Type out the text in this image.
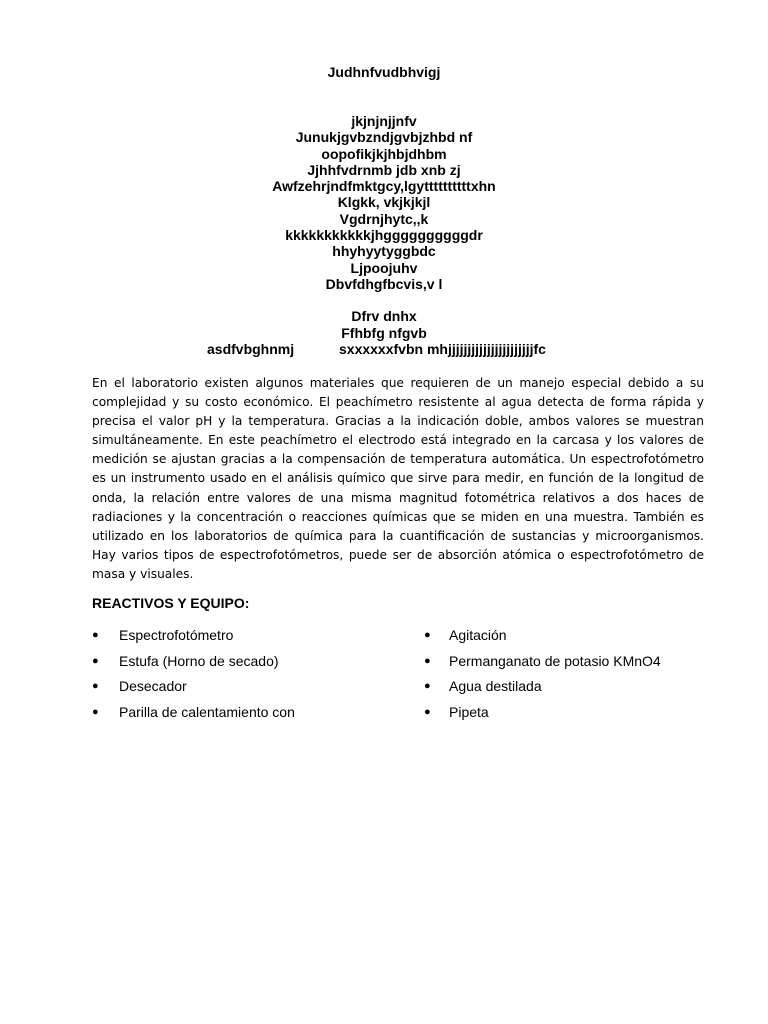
Judhnfvudbhvigj
jkjnjnjjnfv
Junukjgvbzndjgvbjzhbd nf
oopofikjkjhbjdhbm
Jjhhfvdrnmb jdb xnb zj
Awfzehrjndfmktgcy,lgyttttttttttxhn
Klgkk, vkjkjkjl
Vgdrnjhytc,,k
kkkkkkkkkkkjhggggggggggdr
hhyhyytyggbdc
Ljpoojuhv
Dbvfdhgfbcvis,v l
Dfrv dnhx
Ffhbfg nfgvb
asdfvbghnmj	sxxxxxxfvbn mhjjjjjjjjjjjjjjjjjjjjjjfc

En el laboratorio existen algunos materiales que requieren de un manejo especial debido a su complejidad y su costo económico. El peachímetro resistente al agua detecta de forma rápida y precisa el valor pH y la temperatura. Gracias a la indicación doble, ambos valores se muestran simultáneamente. En este peachímetro el electrodo está integrado en la carcasa y los valores de medición se ajustan gracias a la compensación de temperatura automática. Un espectrofotómetro es un instrumento usado en el análisis químico que sirve para medir, en función de la longitud de onda, la relación entre valores de una misma magnitud fotométrica relativos a dos haces de radiaciones y la concentración o reacciones químicas que se miden en una muestra. También es utilizado en los laboratorios de química para la cuantificación de sustancias y microorganismos. Hay varios tipos de espectrofotómetros, puede ser de absorción atómica o espectrofotómetro de masa y visuales.

REACTIVOS Y EQUIPO:
● Espectrofotómetro
● Estufa (Horno de secado)
● Desecador
● Parilla de calentamiento con
● Agitación
● Permanganato de potasio KMnO4
● Agua destilada
● Pipeta
